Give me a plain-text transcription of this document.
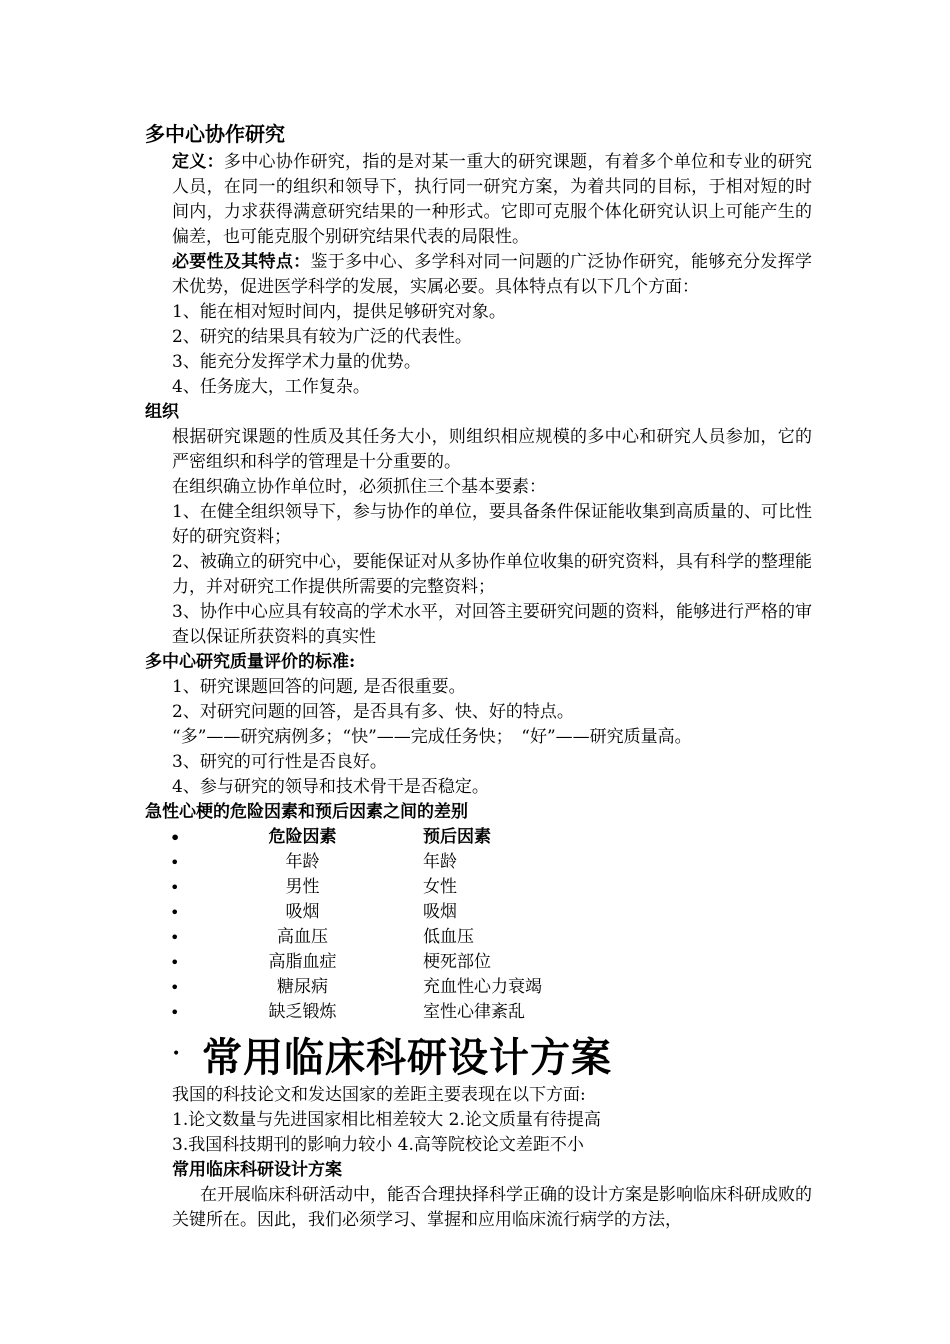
多中心协作研究
定义：多中心协作研究，指的是对某一重大的研究课题，有着多个单位和专业的研究人员，在同一的组织和领导下，执行同一研究方案，为着共同的目标，于相对短的时间内，力求获得满意研究结果的一种形式。它即可克服个体化研究认识上可能产生的偏差，也可能克服个别研究结果代表的局限性。
必要性及其特点：鉴于多中心、多学科对同一问题的广泛协作研究，能够充分发挥学术优势，促进医学科学的发展，实属必要。具体特点有以下几个方面：
1、能在相对短时间内，提供足够研究对象。
2、研究的结果具有较为广泛的代表性。
3、能充分发挥学术力量的优势。
4、任务庞大，工作复杂。
组织
根据研究课题的性质及其任务大小，则组织相应规模的多中心和研究人员参加，它的严密组织和科学的管理是十分重要的。
在组织确立协作单位时，必须抓住三个基本要素：
1、在健全组织领导下，参与协作的单位，要具备条件保证能收集到高质量的、可比性好的研究资料；
2、被确立的研究中心，要能保证对从多协作单位收集的研究资料，具有科学的整理能力，并对研究工作提供所需要的完整资料；
3、协作中心应具有较高的学术水平，对回答主要研究问题的资料，能够进行严格的审查以保证所获资料的真实性
多中心研究质量评价的标准:
1、研究课题回答的问题, 是否很重要。
2、对研究问题的回答，是否具有多、快、好的特点。
“多”——研究病例多；“快”——完成任务快；　“好”——研究质量高。
3、研究的可行性是否良好。
4、参与研究的领导和技术骨干是否稳定。
急性心梗的危险因素和预后因素之间的差别
•	危险因素	预后因素
•	年龄	年龄
•	男性	女性
•	吸烟	吸烟
•	高血压	低血压
•	高脂血症	梗死部位
•	糖尿病	充血性心力衰竭
•	缺乏锻炼	室性心律紊乱
• 常用临床科研设计方案
我国的科技论文和发达国家的差距主要表现在以下方面:
1.论文数量与先进国家相比相差较大 2.论文质量有待提高
3.我国科技期刊的影响力较小 4.高等院校论文差距不小
常用临床科研设计方案
在开展临床科研活动中，能否合理抉择科学正确的设计方案是影响临床科研成败的关键所在。因此，我们必须学习、掌握和应用临床流行病学的方法，
